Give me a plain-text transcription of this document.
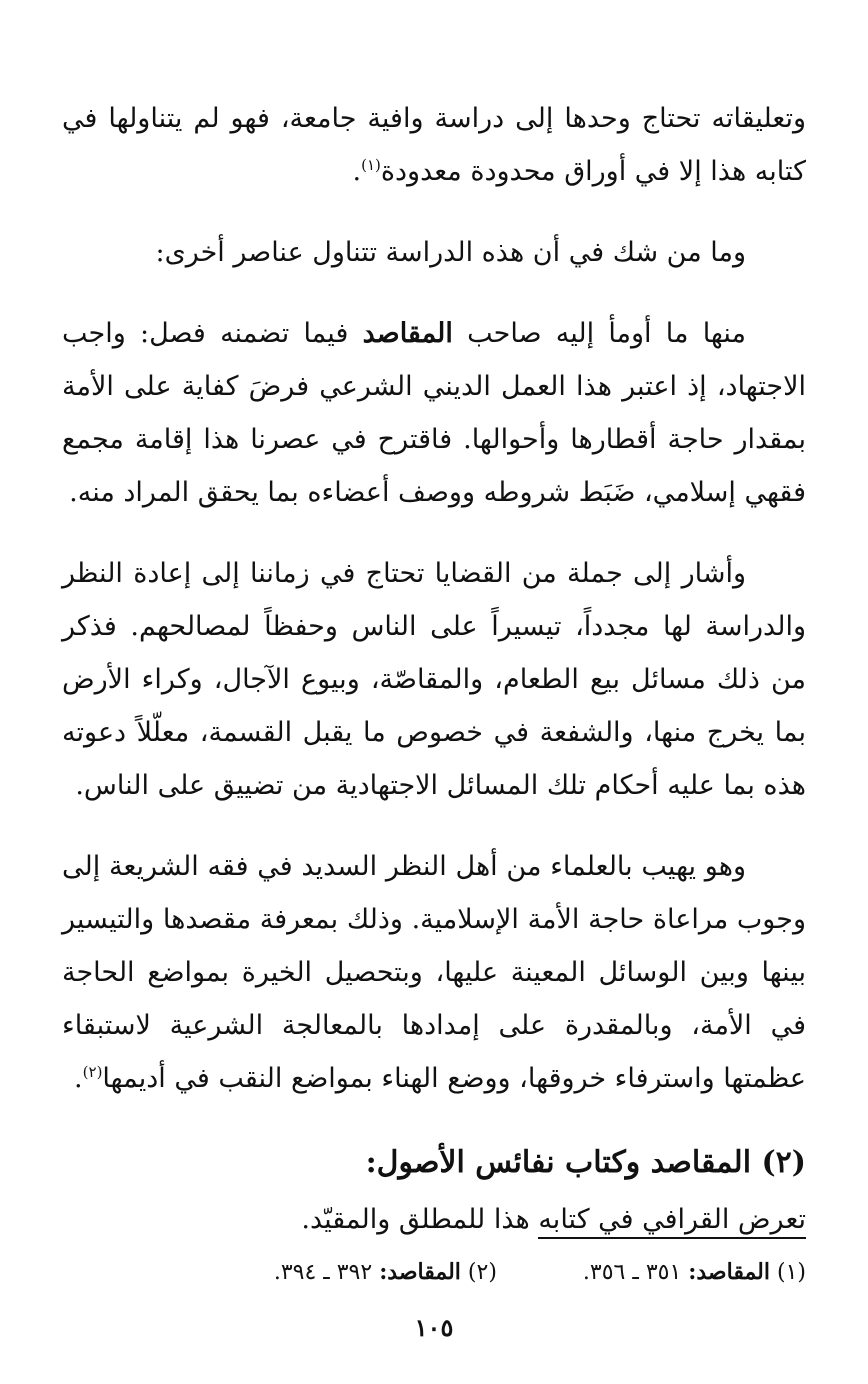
وتعليقاته تحتاج وحدها إلى دراسة وافية جامعة، فهو لم يتناولها في كتابه هذا إلا في أوراق محدودة معدودة$^{(١)}$.

وما من شك في أن هذه الدراسة تتناول عناصر أخرى:

منها ما أومأ إليه صاحب المقاصد فيما تضمنه فصل: واجب الاجتهاد، إذ اعتبر هذا العمل الديني الشرعي فرضَ كفاية على الأمة بمقدار حاجة أقطارها وأحوالها. فاقترح في عصرنا هذا إقامة مجمع فقهي إسلامي، ضَبَط شروطه ووصف أعضاءه بما يحقق المراد منه.

وأشار إلى جملة من القضايا تحتاج في زماننا إلى إعادة النظر والدراسة لها مجدداً، تيسيراً على الناس وحفظاً لمصالحهم. فذكر من ذلك مسائل بيع الطعام، والمقاصّة، وبيوع الآجال، وكراء الأرض بما يخرج منها، والشفعة في خصوص ما يقبل القسمة، معلّلاً دعوته هذه بما عليه أحكام تلك المسائل الاجتهادية من تضييق على الناس.

وهو يهيب بالعلماء من أهل النظر السديد في فقه الشريعة إلى وجوب مراعاة حاجة الأمة الإسلامية. وذلك بمعرفة مقصدها والتيسير بينها وبين الوسائل المعينة عليها، وبتحصيل الخيرة بمواضع الحاجة في الأمة، وبالمقدرة على إمدادها بالمعالجة الشرعية لاستبقاء عظمتها واسترفاء خروقها، ووضع الهناء بمواضع النقب في أديمها$^{(٢)}$.

(٢) المقاصد وكتاب نفائس الأصول:

تعرض القرافي في كتابه هذا للمطلق والمقيّد.

(١) المقاصد: ٣٥١ ـ ٣٥٦.
(٢) المقاصد: ٣٩٢ ـ ٣٩٤.
١٠٥
